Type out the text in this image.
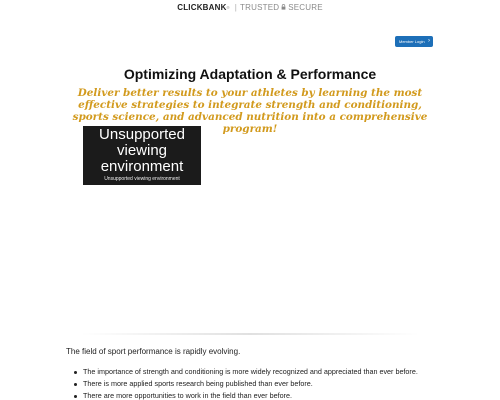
CLICKBANK ® | TRUSTED SECURE
Member Login ›
Optimizing Adaptation & Performance
Deliver better results to your athletes by learning the most effective strategies to integrate strength and conditioning, sports science, and advanced nutrition into a comprehensive program!
Unsupported viewing environment
Unsupported viewing environment

The field of sport performance is rapidly evolving.

The importance of strength and conditioning is more widely recognized and appreciated than ever before.
There is more applied sports research being published than ever before.
There are more opportunities to work in the field than ever before.
